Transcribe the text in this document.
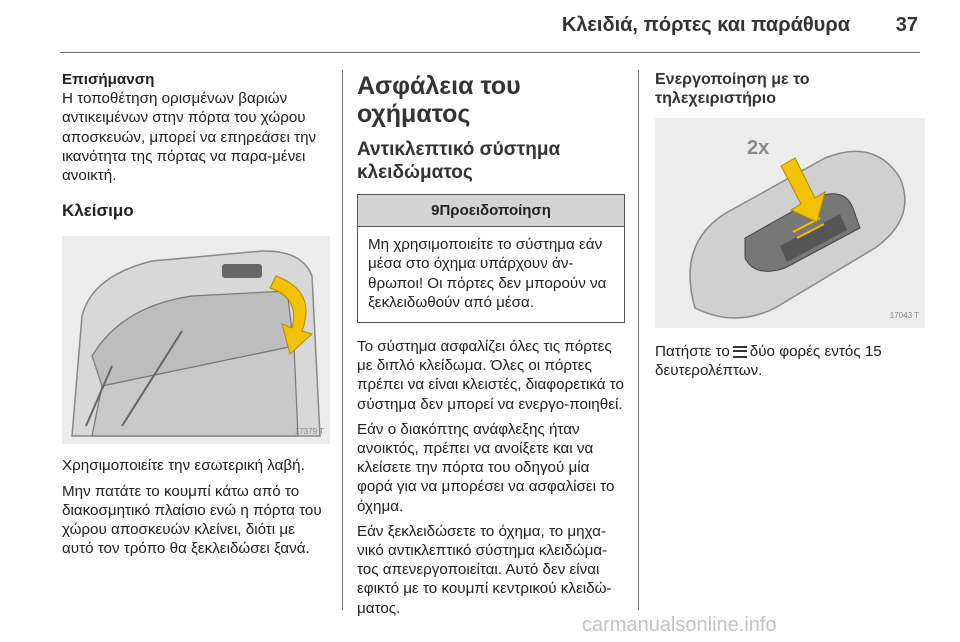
Κλειδιά, πόρτες και παράθυρα 37
Επισήμανση

Η τοποθέτηση ορισμένων βαριών αντικειμένων στην πόρτα του χώρου αποσκευών, μπορεί να επηρεάσει την ικανότητα της πόρτας να παρα-μένει ανοικτή.

Κλείσιμο
17379 T

Χρησιμοποιείτε την εσωτερική λαβή.

Μην πατάτε το κουμπί κάτω από το διακοσμητικό πλαίσιο ενώ η πόρτα του χώρου αποσκευών κλείνει, διότι με αυτό τον τρόπο θα ξεκλειδώσει ξανά.

Ασφάλεια του οχήματος
Αντικλεπτικό σύστημα κλειδώματος
9Προειδοποίηση
Μη χρησιμοποιείτε το σύστημα εάν μέσα στο όχημα υπάρχουν άν-θρωποι! Οι πόρτες δεν μπορούν να ξεκλειδωθούν από μέσα.

Το σύστημα ασφαλίζει όλες τις πόρτες με διπλό κλείδωμα. Όλες οι πόρτες πρέπει να είναι κλειστές, διαφορετικά το σύστημα δεν μπορεί να ενεργο-ποιηθεί.

Εάν ο διακόπτης ανάφλεξης ήταν ανοικτός, πρέπει να ανοίξετε και να κλείσετε την πόρτα του οδηγού μία φορά για να μπορέσει να ασφαλίσει το όχημα.

Εάν ξεκλειδώσετε το όχημα, το μηχα-νικό αντικλεπτικό σύστημα κλειδώμα-τος απενεργοποιείται. Αυτό δεν είναι εφικτό με το κουμπί κεντρικού κλειδώ-ματος.

Ενεργοποίηση με το τηλεχειριστήριο
2x
17043 T

Πατήστε το δύο φορές εντός 15 δευτερολέπτων.

carmanualsonline.info
